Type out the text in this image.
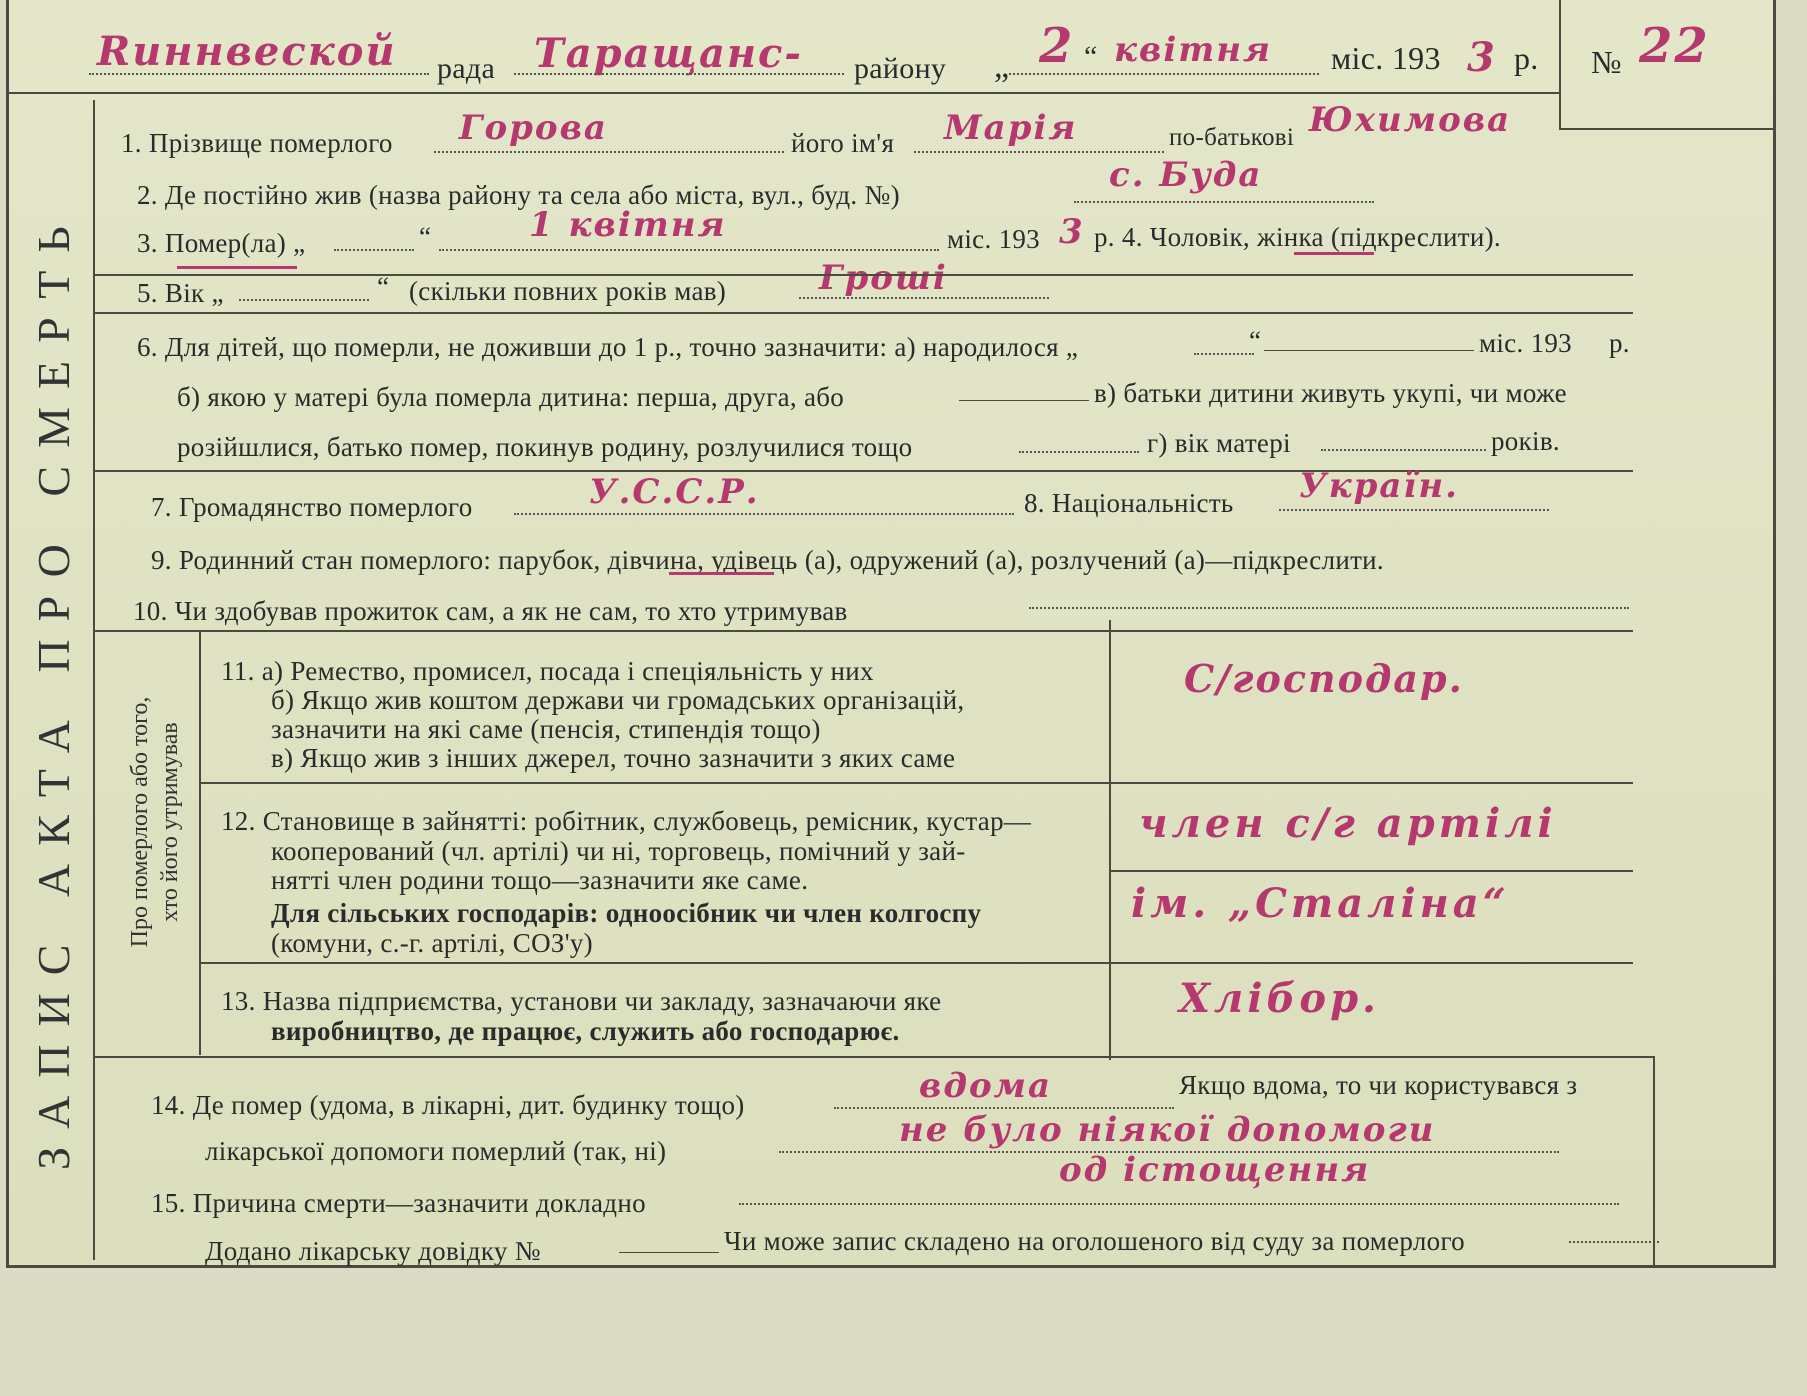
Rиннвеской рада Таращанс- району „ 2 “ квітня міс. 193 3 р. № 22
ЗАПИС АКТА ПРО СМЕРТЬ
1. Прізвище померлого Горова	його ім'я Марія	по-батькові Юхимова
2. Де постійно жив (назва району та села або міста, вул., буд. №)	с. Буда
3. Помер(ла) „	“	1 квітня	міс. 193 3 р. 4. Чоловік, жінка (підкреслити).
5. Вік „	“ (скільки повних років мав)	Гроші
6. Для дітей, що померли, не доживши до 1 р., точно зазначити: а) народилося „	“	міс. 193 р.
б) якою у матері була померла дитина: перша, друга, або	в) батьки дитини живуть укупі, чи може
розійшлися, батько помер, покинув родину, розлучилися тощо	г) вік матері	років.
7. Громадянство померлого	У.С.С.Р.	8. Національність Україн.
9. Родинний стан померлого: парубок, дівчина, удівець (а), одружений (а), розлучений (а)—підкреслити.
10. Чи здобував прожиток сам, а як не сам, то хто утримував
Про померлого або того, хто його утримував
11. а) Ремество, промисел, посада і спеціяльність у них
б) Якщо жив коштом держави чи громадських організацій,
зазначити на які саме (пенсія, стипендія тощо)
в) Якщо жив з інших джерел, точно зазначити з яких саме
С/господар.
12. Становище в зайнятті: робітник, службовець, ремісник, кустар—
кооперований (чл. артілі) чи ні, торговець, помічний у зай-
нятті член родини тощо—зазначити яке саме.
Для сільських господарів: одноосібник чи член колгоспу
(комуни, с.-г. артілі, СОЗ'у)
член с/г артілі
ім. „Сталіна“
13. Назва підприємства, установи чи закладу, зазначаючи яке
виробництво, де працює, служить або господарює.
Хлібор.
14. Де помер (удома, в лікарні, дит. будинку тощо)	вдома	Якщо вдома, то чи користувався з
лікарської допомоги померлий (так, ні)
не було ніякої допомоги
15. Причина смерти—зазначити докладно
од істощення
Додано лікарську довідку №	Чи може запис складено на оголошеного від суду за померлого
